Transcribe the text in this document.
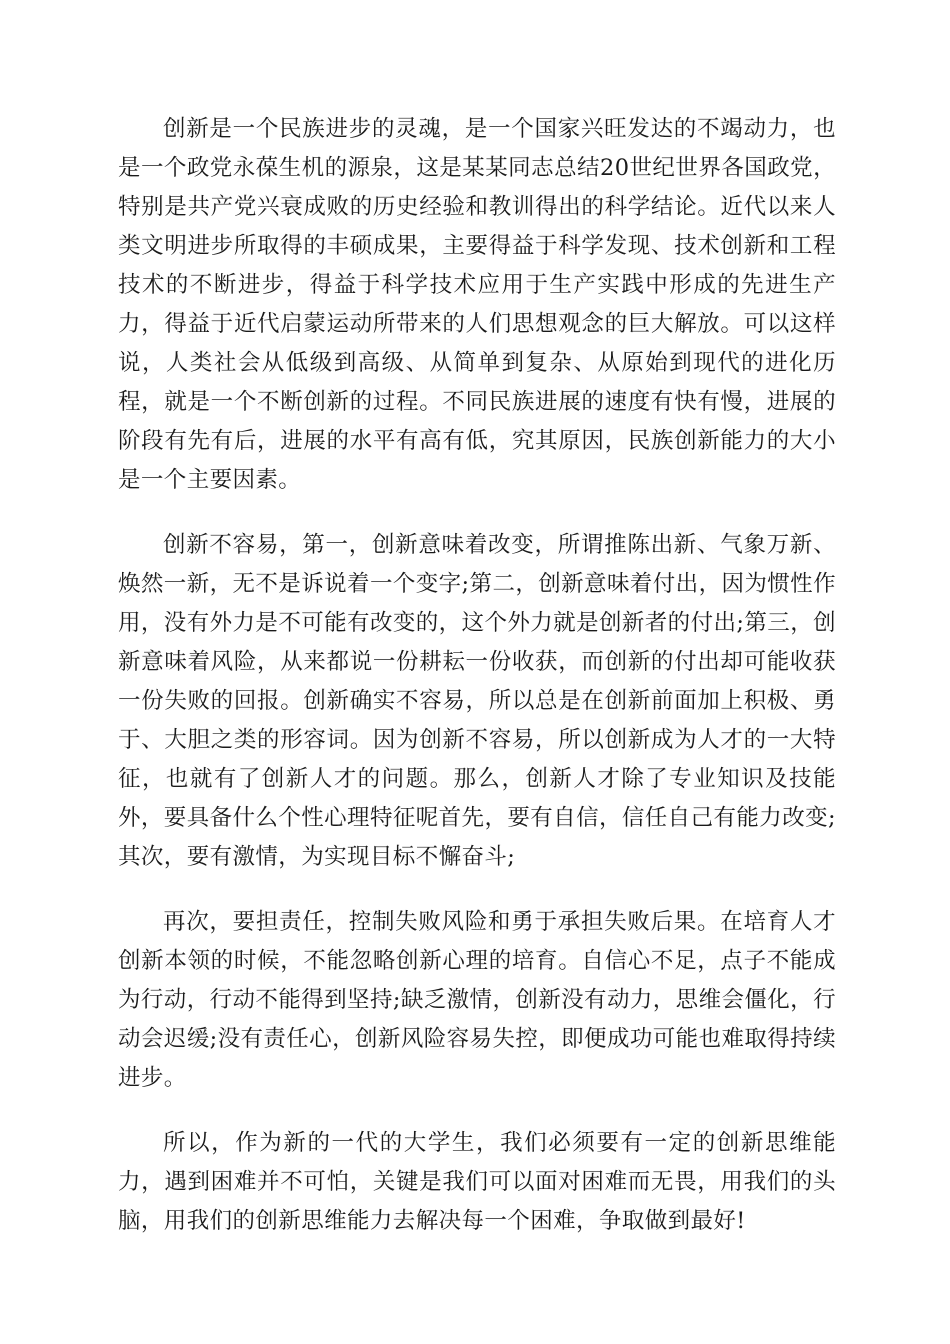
创新是一个民族进步的灵魂，是一个国家兴旺发达的不竭动力，也是一个政党永葆生机的源泉，这是某某同志总结20世纪世界各国政党，特别是共产党兴衰成败的历史经验和教训得出的科学结论。近代以来人类文明进步所取得的丰硕成果，主要得益于科学发现、技术创新和工程技术的不断进步，得益于科学技术应用于生产实践中形成的先进生产力，得益于近代启蒙运动所带来的人们思想观念的巨大解放。可以这样说，人类社会从低级到高级、从简单到复杂、从原始到现代的进化历程，就是一个不断创新的过程。不同民族进展的速度有快有慢，进展的阶段有先有后，进展的水平有高有低，究其原因，民族创新能力的大小是一个主要因素。

创新不容易，第一，创新意味着改变，所谓推陈出新、气象万新、焕然一新，无不是诉说着一个变字;第二，创新意味着付出，因为惯性作用，没有外力是不可能有改变的，这个外力就是创新者的付出;第三，创新意味着风险，从来都说一份耕耘一份收获，而创新的付出却可能收获一份失败的回报。创新确实不容易，所以总是在创新前面加上积极、勇于、大胆之类的形容词。因为创新不容易，所以创新成为人才的一大特征，也就有了创新人才的问题。那么，创新人才除了专业知识及技能外，要具备什么个性心理特征呢首先，要有自信，信任自己有能力改变;其次，要有激情，为实现目标不懈奋斗;

再次，要担责任，控制失败风险和勇于承担失败后果。在培育人才创新本领的时候，不能忽略创新心理的培育。自信心不足，点子不能成为行动，行动不能得到坚持;缺乏激情，创新没有动力，思维会僵化，行动会迟缓;没有责任心，创新风险容易失控，即便成功可能也难取得持续进步。

所以，作为新的一代的大学生，我们必须要有一定的创新思维能力，遇到困难并不可怕，关键是我们可以面对困难而无畏，用我们的头脑，用我们的创新思维能力去解决每一个困难，争取做到最好!
